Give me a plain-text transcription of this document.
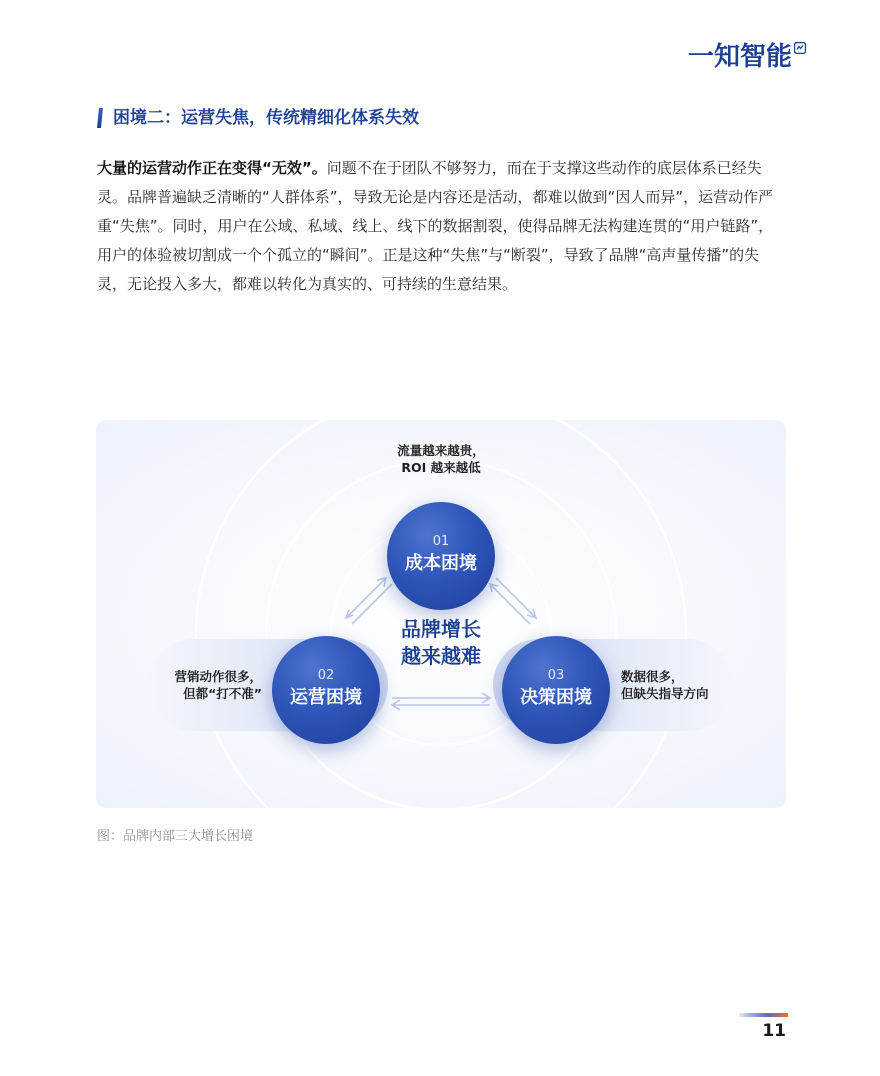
一知智能
困境二：运营失焦，传统精细化体系失效

大量的运营动作正在变得“无效”。问题不在于团队不够努力，而在于支撑这些动作的底层体系已经失灵。品牌普遍缺乏清晰的“人群体系”，导致无论是内容还是活动，都难以做到“因人而异”，运营动作严重“失焦”。同时，用户在公域、私域、线上、线下的数据割裂，使得品牌无法构建连贯的“用户链路”，用户的体验被切割成一个个孤立的“瞬间”。正是这种“失焦”与“断裂”，导致了品牌“高声量传播”的失灵，无论投入多大，都难以转化为真实的、可持续的生意结果。

流量越来越贵，
ROI 越来越低
营销动作很多，
但都“打不准”
数据很多，
但缺失指导方向
01
成本困境
02
运营困境
03
决策困境
品牌增长
越来越难
图：品牌内部三大增长困境
11
